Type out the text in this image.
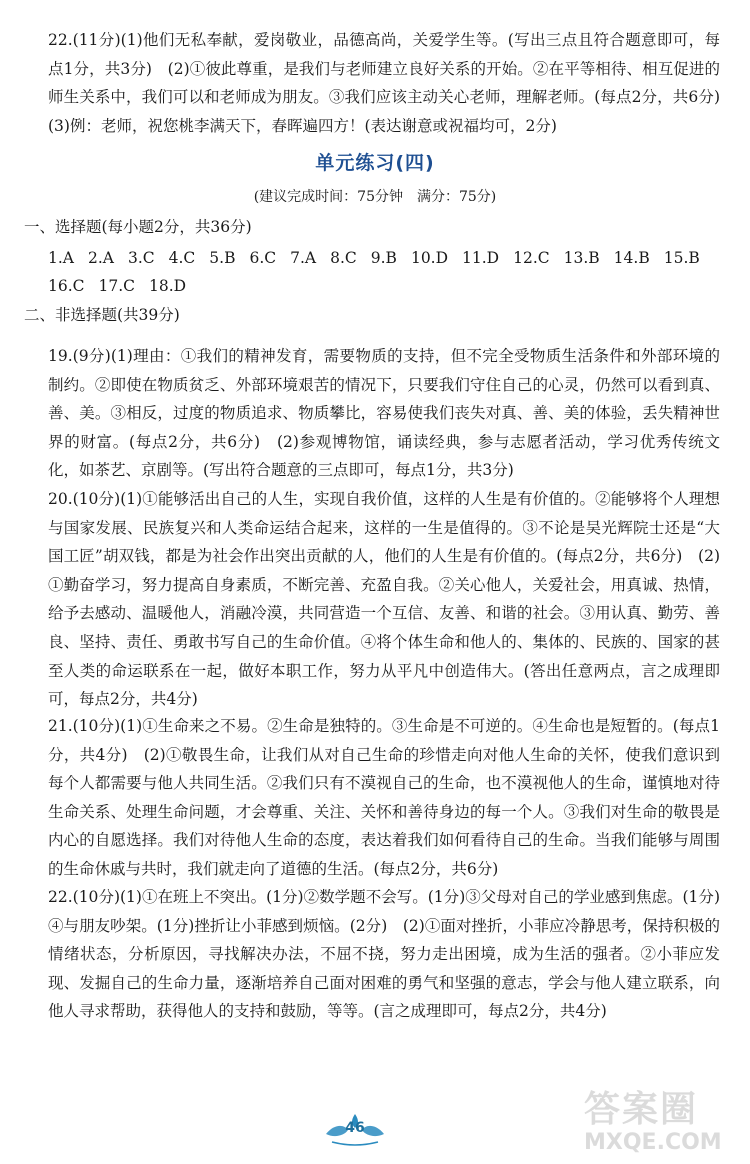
22.(11分)(1)他们无私奉献，爱岗敬业，品德高尚，关爱学生等。(写出三点且符合题意即可，每点1分，共3分)　(2)①彼此尊重，是我们与老师建立良好关系的开始。②在平等相待、相互促进的师生关系中，我们可以和老师成为朋友。③我们应该主动关心老师，理解老师。(每点2分，共6分)　(3)例：老师，祝您桃李满天下，春晖遍四方！(表达谢意或祝福均可，2分)
单元练习(四)
(建议完成时间：75分钟　满分：75分)
一、选择题(每小题2分，共36分)
1.A 2.A 3.C 4.C 5.B 6.C 7.A 8.C 9.B 10.D 11.D 12.C 13.B 14.B 15.B
16.C 17.C 18.D
二、非选择题(共39分)
19.(9分)(1)理由：①我们的精神发育，需要物质的支持，但不完全受物质生活条件和外部环境的制约。②即使在物质贫乏、外部环境艰苦的情况下，只要我们守住自己的心灵，仍然可以看到真、善、美。③相反，过度的物质追求、物质攀比，容易使我们丧失对真、善、美的体验，丢失精神世界的财富。(每点2分，共6分)　(2)参观博物馆，诵读经典，参与志愿者活动，学习优秀传统文化，如茶艺、京剧等。(写出符合题意的三点即可，每点1分，共3分)
20.(10分)(1)①能够活出自己的人生，实现自我价值，这样的人生是有价值的。②能够将个人理想与国家发展、民族复兴和人类命运结合起来，这样的一生是值得的。③不论是吴光辉院士还是“大国工匠”胡双钱，都是为社会作出突出贡献的人，他们的人生是有价值的。(每点2分，共6分)　(2)①勤奋学习，努力提高自身素质，不断完善、充盈自我。②关心他人，关爱社会，用真诚、热情，给予去感动、温暖他人，消融冷漠，共同营造一个互信、友善、和谐的社会。③用认真、勤劳、善良、坚持、责任、勇敢书写自己的生命价值。④将个体生命和他人的、集体的、民族的、国家的甚至人类的命运联系在一起，做好本职工作，努力从平凡中创造伟大。(答出任意两点，言之成理即可，每点2分，共4分)
21.(10分)(1)①生命来之不易。②生命是独特的。③生命是不可逆的。④生命也是短暂的。(每点1分，共4分)　(2)①敬畏生命，让我们从对自己生命的珍惜走向对他人生命的关怀，使我们意识到每个人都需要与他人共同生活。②我们只有不漠视自己的生命，也不漠视他人的生命，谨慎地对待生命关系、处理生命问题，才会尊重、关注、关怀和善待身边的每一个人。③我们对生命的敬畏是内心的自愿选择。我们对待他人生命的态度，表达着我们如何看待自己的生命。当我们能够与周围的生命休戚与共时，我们就走向了道德的生活。(每点2分，共6分)
22.(10分)(1)①在班上不突出。(1分)②数学题不会写。(1分)③父母对自己的学业感到焦虑。(1分)④与朋友吵架。(1分)挫折让小菲感到烦恼。(2分)　(2)①面对挫折，小菲应冷静思考，保持积极的情绪状态，分析原因，寻找解决办法，不屈不挠，努力走出困境，成为生活的强者。②小菲应发现、发掘自己的生命力量，逐渐培养自己面对困难的勇气和坚强的意志，学会与他人建立联系，向他人寻求帮助，获得他人的支持和鼓励，等等。(言之成理即可，每点2分，共4分)
46	答案圈
MXQE.COM
